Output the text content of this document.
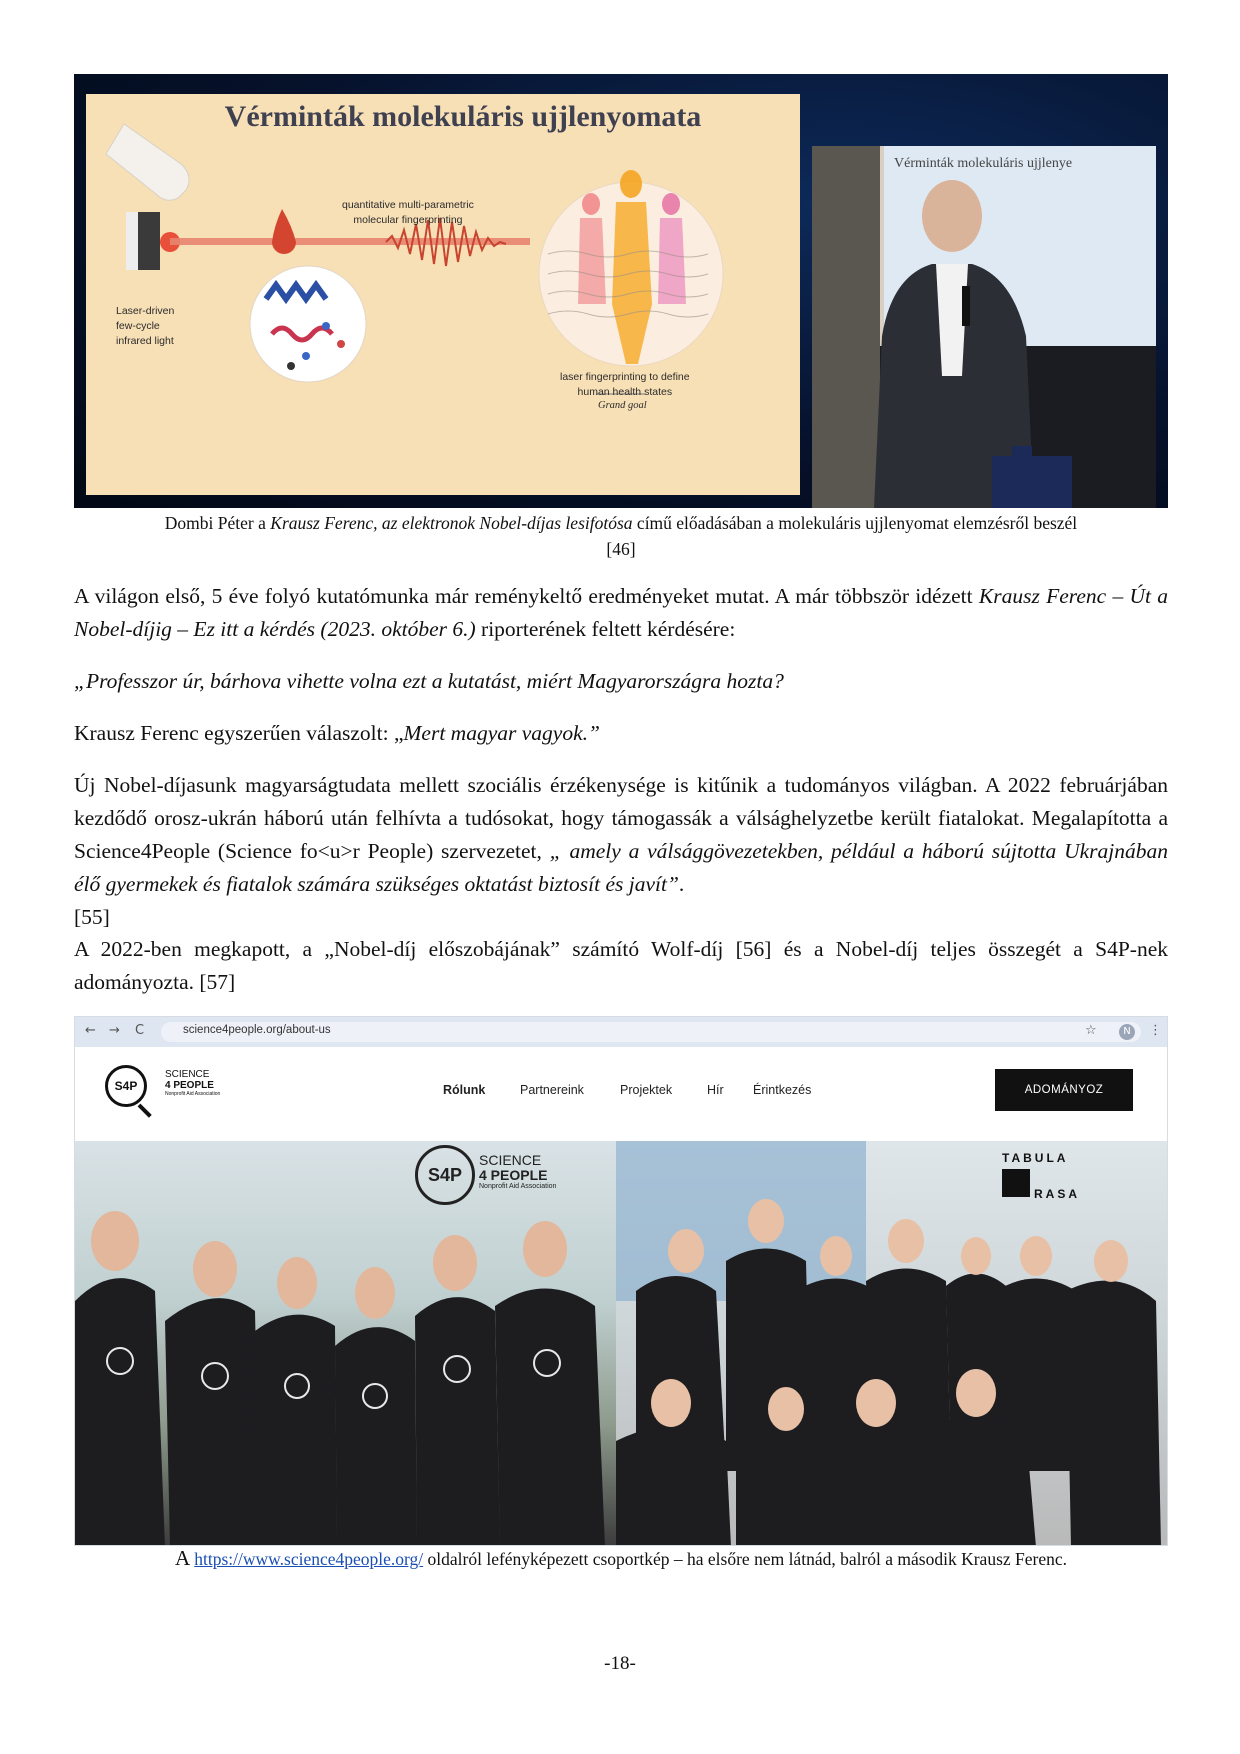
Vérminták molekuláris ujjlenyomata
quantitative multi-parametric
molecular fingerprinting
Laser-driven
few-cycle
infrared light
laser fingerprinting to define
human health states
Grand goal
Vérminták molekuláris ujjlenye
Dombi Péter a Krausz Ferenc, az elektronok Nobel-díjas lesifotósa című előadásában a molekuláris ujjlenyomat elemzésről beszél
[46]
A világon első, 5 éve folyó kutatómunka már reménykeltő eredményeket mutat. A már többször idézett Krausz Ferenc – Út a Nobel-díjig – Ez itt a kérdés (2023. október 6.) riporterének feltett kérdésére:
„Professzor úr, bárhova vihette volna ezt a kutatást, miért Magyarországra hozta?
Krausz Ferenc egyszerűen válaszolt: „Mert magyar vagyok.”
Új Nobel-díjasunk magyarságtudata mellett szociális érzékenysége is kitűnik a tudományos világban. A 2022 februárjában kezdődő orosz-ukrán háború után felhívta a tudósokat, hogy támogassák a válsághelyzetbe került fiatalokat. Megalapította a Science4People (Science fo<u>r People) szervezetet, „ amely a válsággövezetekben, például a háború sújtotta Ukrajnában élő gyermekek és fiatalok számára szükséges oktatást biztosít és javít”.
[55]
A 2022-ben megkapott, a „Nobel-díj előszobájának” számító Wolf-díj [56] és a Nobel-díj teljes összegét a S4P-nek adományozta. [57]
← → C	science4people.org/about-us	☆	N	⋮
S4P
SCIENCE
4 PEOPLE
Nonprofit Aid Association	Rólunk	Partnereink	Projektek	Hír Érintkezés	ADOMÁNYOZ
S4P
SCIENCE
4 PEOPLE
Nonprofit Aid Association
TABULA
RASA
A https://www.science4people.org/ oldalról lefényképezett csoportkép – ha elsőre nem látnád, balról a második Krausz Ferenc.
-18-
